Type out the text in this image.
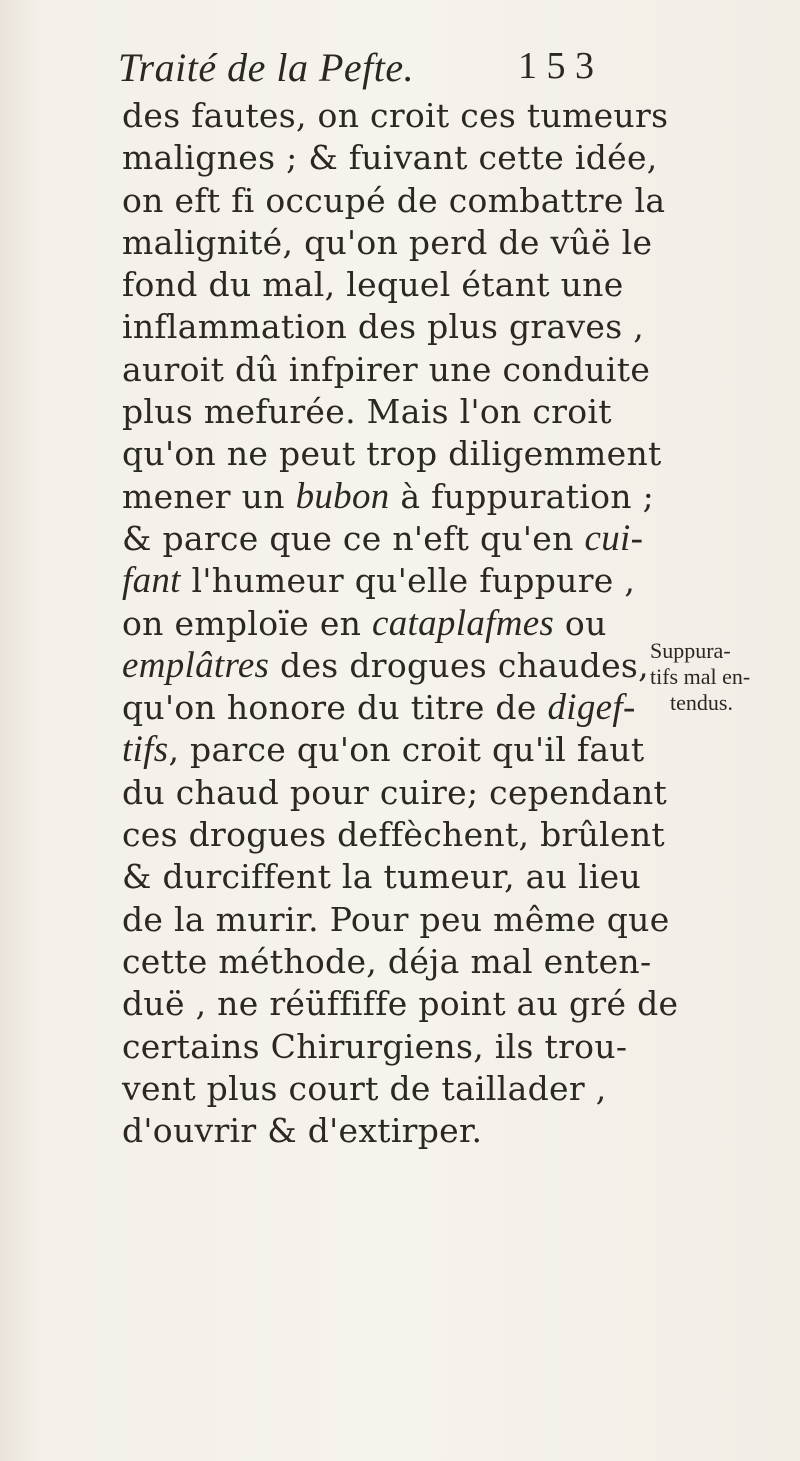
Traité de la Pefte.	1 5 3
des fautes, on croit ces tumeurs
malignes ; & fuivant cette idée,
on eft fi occupé de combattre la
malignité, qu'on perd de vûë le
fond du mal, lequel étant une
inflammation des plus graves ,
auroit dû infpirer une conduite
plus mefurée. Mais l'on croit
qu'on ne peut trop diligemment
mener un bubon à fuppuration ;
& parce que ce n'eft qu'en cui-
fant l'humeur qu'elle fuppure ,
on emploïe en cataplafmes ou
emplâtres des drogues chaudes,
qu'on honore du titre de digef-
tifs, parce qu'on croit qu'il faut
du chaud pour cuire; cependant
ces drogues deffèchent, brûlent
& durciffent la tumeur, au lieu
de la murir. Pour peu même que
cette méthode, déja mal enten-
duë , ne réüffiffe point au gré de
certains Chirurgiens, ils trou-
vent plus court de taillader ,
d'ouvrir & d'extirper.
Suppura-
tifs mal en-
tendus.
